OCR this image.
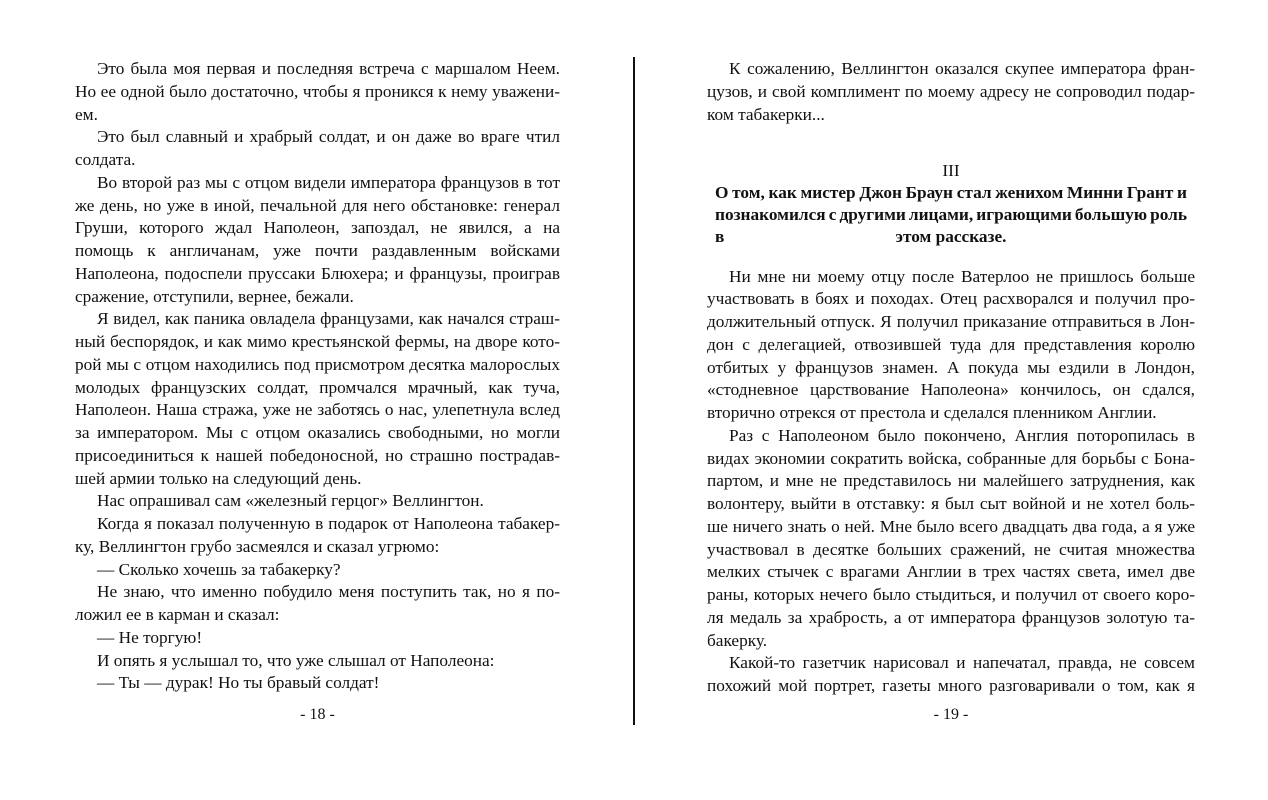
Это была моя первая и последняя встреча с маршалом Неем.
Но ее одной было достаточно, чтобы я проникся к нему уважени-
ем.
Это был славный и храбрый солдат, и он даже во враге чтил
солдата.
Во второй раз мы с отцом видели императора французов в тот
же день, но уже в иной, печальной для него обстановке: генерал
Груши, которого ждал Наполеон, запоздал, не явился, а на
помощь к англичанам, уже почти раздавленным войсками
Наполеона, подоспели пруссаки Блюхера; и французы, проиграв
сражение, отступили, вернее, бежали.
Я видел, как паника овладела французами, как начался страш-
ный беспорядок, и как мимо крестьянской фермы, на дворе кото-
рой мы с отцом находились под присмотром десятка малорослых
молодых французских солдат, промчался мрачный, как туча,
Наполеон. Наша стража, уже не заботясь о нас, улепетнула вслед
за императором. Мы с отцом оказались свободными, но могли
присоединиться к нашей победоносной, но страшно пострадав-
шей армии только на следующий день.
Нас опрашивал сам «железный герцог» Веллингтон.
Когда я показал полученную в подарок от Наполеона табакер-
ку, Веллингтон грубо засмеялся и сказал угрюмо:
— Сколько хочешь за табакерку?
Не знаю, что именно побудило меня поступить так, но я по-
ложил ее в карман и сказал:
— Не торгую!
И опять я услышал то, что уже слышал от Наполеона:
— Ты — дурак! Но ты бравый солдат!
- 18 -
К сожалению, Веллингтон оказался скупее императора фран-
цузов, и свой комплимент по моему адресу не сопроводил подар-
ком табакерки...
III
О том, как мистер Джон Браун стал женихом Минни Грант и
познакомился с другими лицами, играющими большую роль в	этом рассказе.
Ни мне ни моему отцу после Ватерлоо не пришлось больше
участвовать в боях и походах. Отец расхворался и получил про-
должительный отпуск. Я получил приказание отправиться в Лон-
дон с делегацией, отвозившей туда для представления королю
отбитых у французов знамен. А покуда мы ездили в Лондон,
«стодневное царствование Наполеона» кончилось, он сдался,
вторично отрекся от престола и сделался пленником Англии.
Раз с Наполеоном было покончено, Англия поторопилась в
видах экономии сократить войска, собранные для борьбы с Бона-
партом, и мне не представилось ни малейшего затруднения, как
волонтеру, выйти в отставку: я был сыт войной и не хотел боль-
ше ничего знать о ней. Мне было всего двадцать два года, а я уже
участвовал в десятке больших сражений, не считая множества
мелких стычек с врагами Англии в трех частях света, имел две
раны, которых нечего было стыдиться, и получил от своего коро-
ля медаль за храбрость, а от императора французов золотую та-
бакерку.
Какой-то газетчик нарисовал и напечатал, правда, не совсем
похожий мой портрет, газеты много разговаривали о том, как я
- 19 -
